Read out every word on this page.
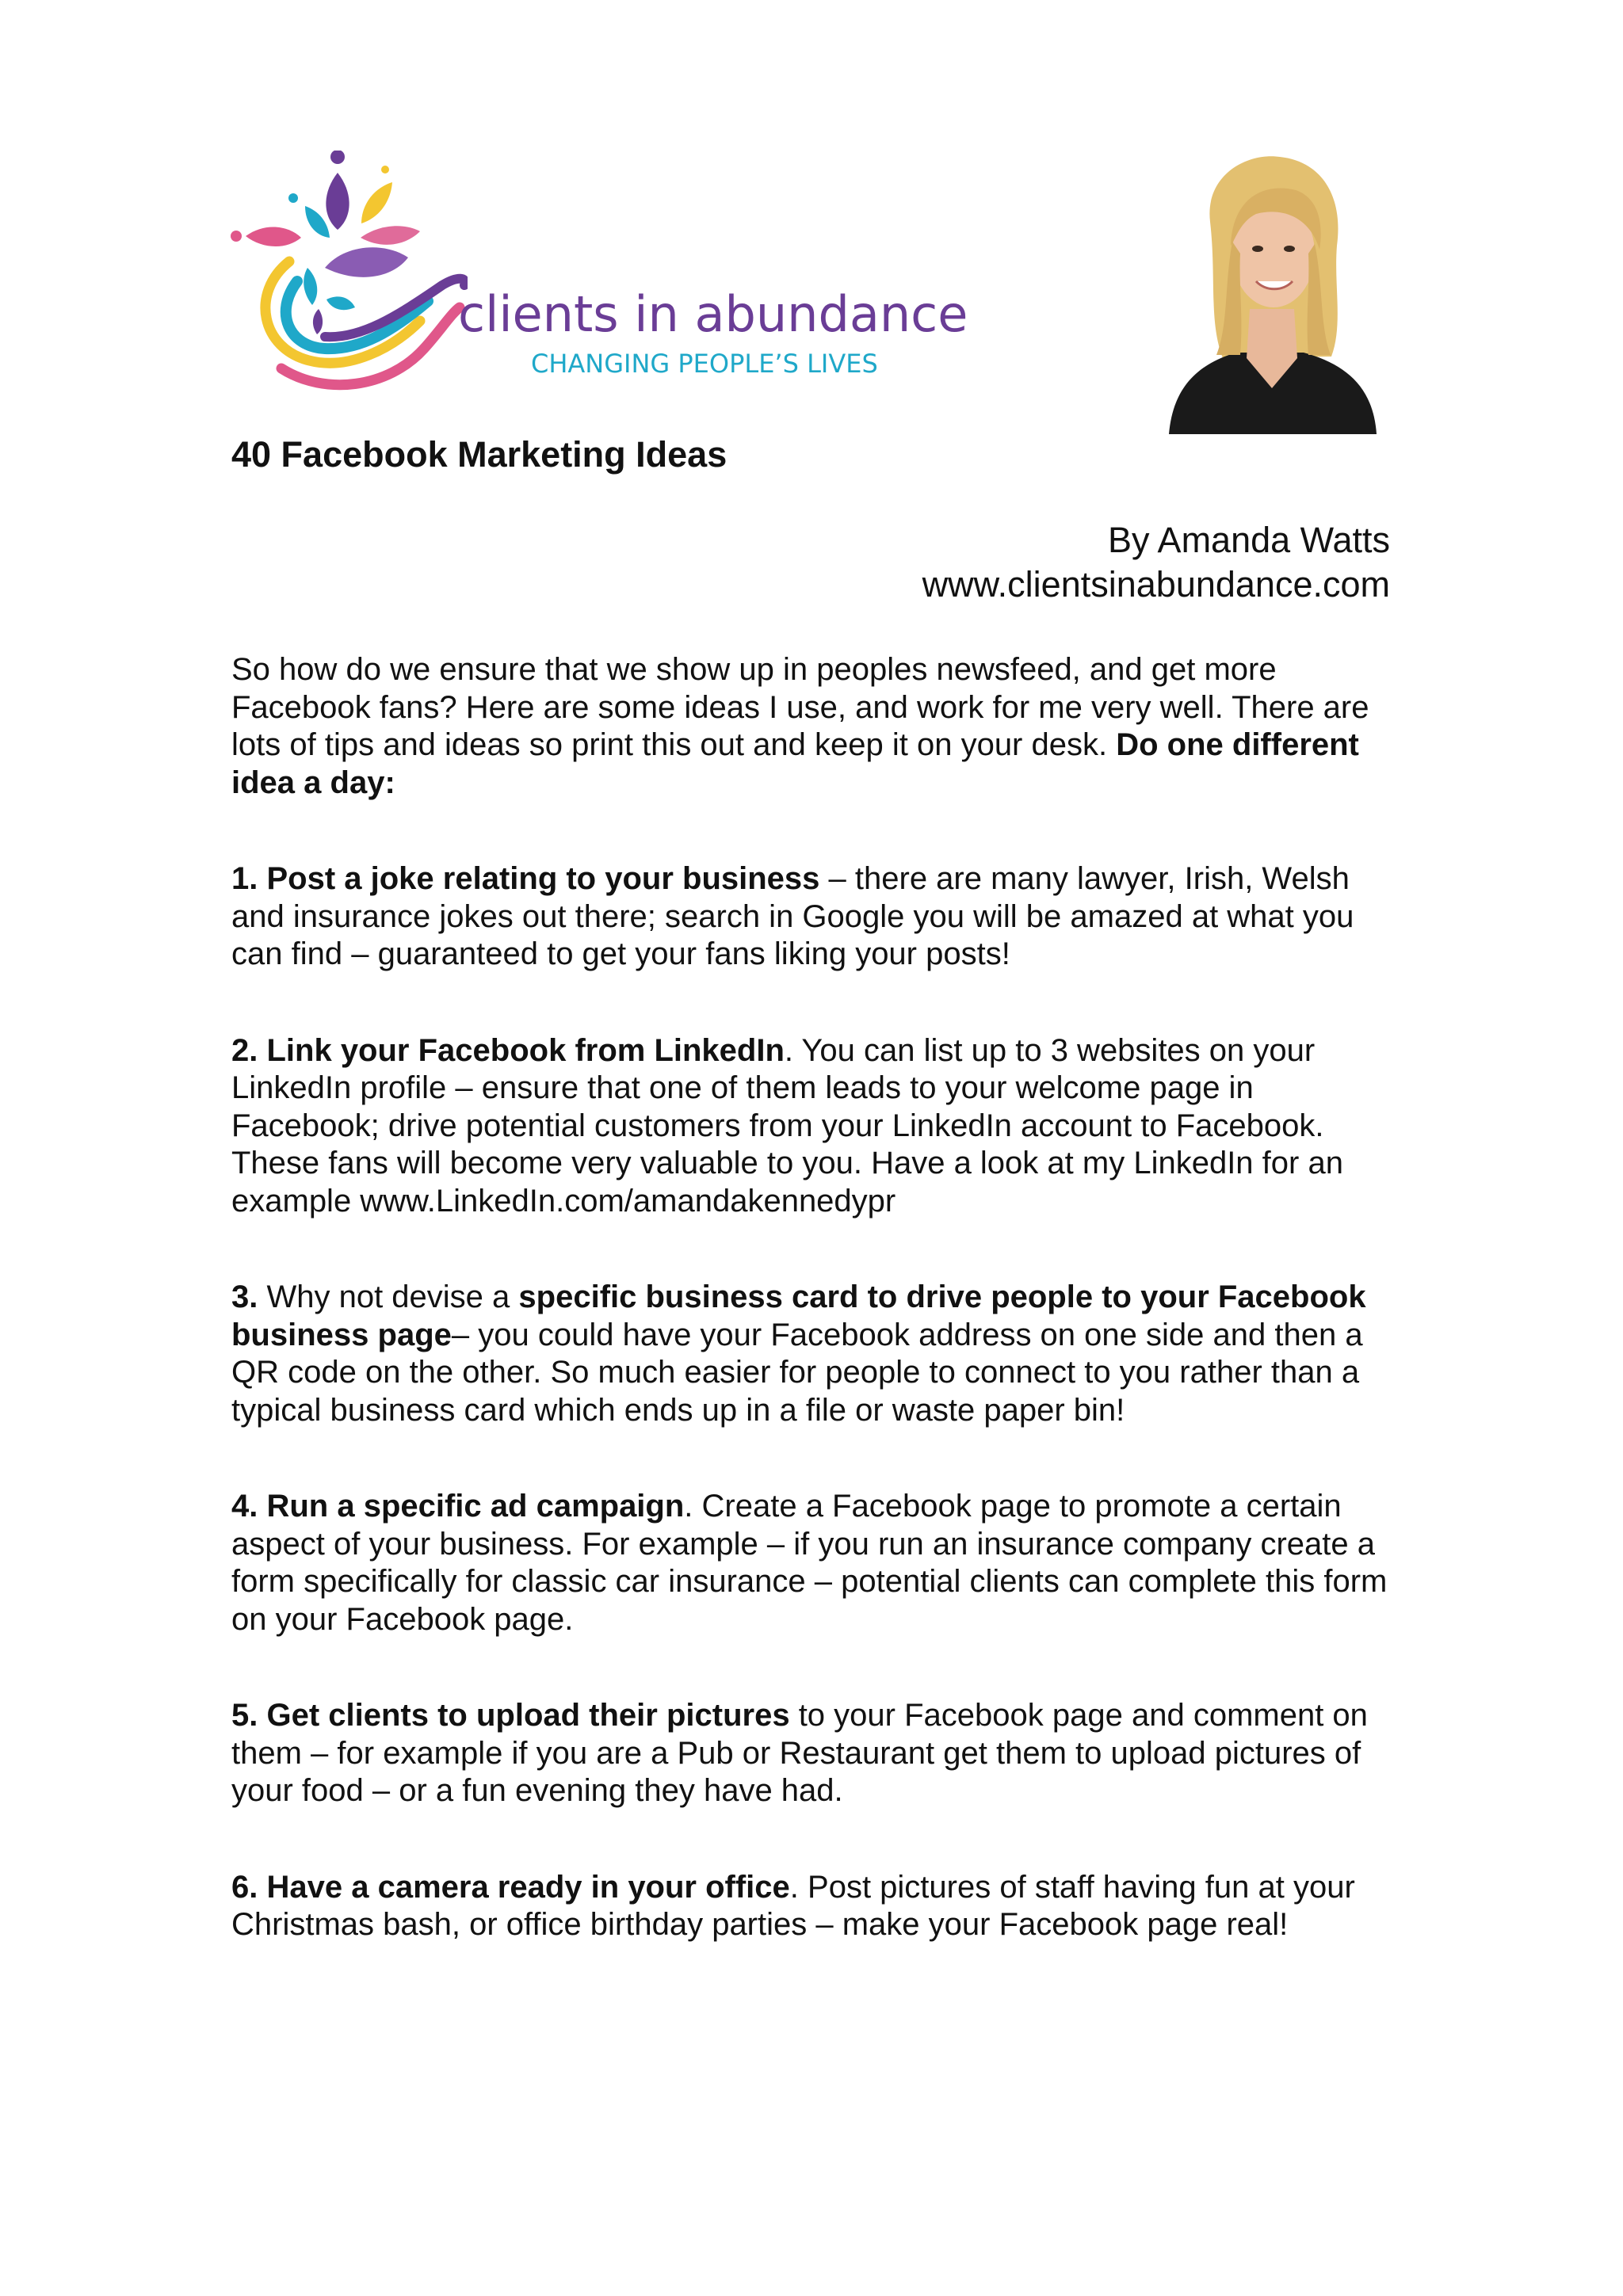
clients in abundance
CHANGING PEOPLE’S LIVES
40 Facebook Marketing Ideas
By Amanda Watts
www.clientsinabundance.com

So how do we ensure that we show up in peoples newsfeed, and get more Facebook fans? Here are some ideas I use, and work for me very well. There are lots of tips and ideas so print this out and keep it on your desk. Do one different idea a day:

1. Post a joke relating to your business – there are many lawyer, Irish, Welsh and insurance jokes out there; search in Google you will be amazed at what you can find – guaranteed to get your fans liking your posts!

2. Link your Facebook from LinkedIn. You can list up to 3 websites on your LinkedIn profile – ensure that one of them leads to your welcome page in Facebook; drive potential customers from your LinkedIn account to Facebook. These fans will become very valuable to you. Have a look at my LinkedIn for an example www.LinkedIn.com/amandakennedypr

3. Why not devise a specific business card to drive people to your Facebook business page– you could have your Facebook address on one side and then a QR code on the other. So much easier for people to connect to you rather than a typical business card which ends up in a file or waste paper bin!

4. Run a specific ad campaign. Create a Facebook page to promote a certain aspect of your business. For example – if you run an insurance company create a form specifically for classic car insurance – potential clients can complete this form on your Facebook page.

5. Get clients to upload their pictures to your Facebook page and comment on them – for example if you are a Pub or Restaurant get them to upload pictures of your food – or a fun evening they have had.

6. Have a camera ready in your office. Post pictures of staff having fun at your Christmas bash, or office birthday parties – make your Facebook page real!
